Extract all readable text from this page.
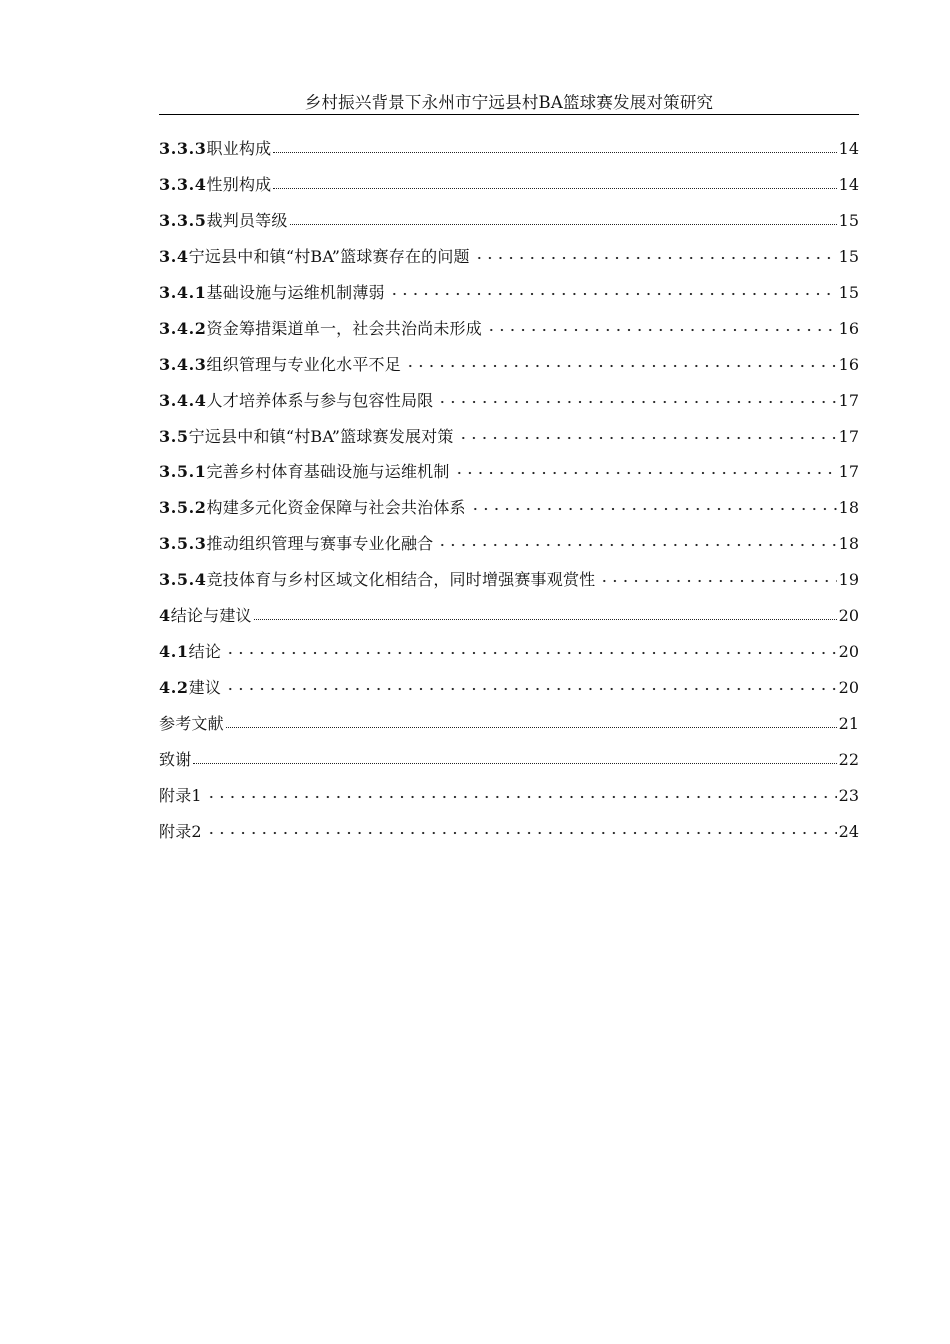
乡村振兴背景下永州市宁远县村BA篮球赛发展对策研究
3.3.3 职业构成	14
3.3.4 性别构成	14
3.3.5 裁判员等级	15
3.4 宁远县中和镇“村BA”篮球赛存在的问题	15
3.4.1 基础设施与运维机制薄弱	15
3.4.2 资金筹措渠道单一，社会共治尚未形成	16
3.4.3 组织管理与专业化水平不足	16
3.4.4 人才培养体系与参与包容性局限	17
3.5 宁远县中和镇“村BA”篮球赛发展对策	17
3.5.1 完善乡村体育基础设施与运维机制	17
3.5.2 构建多元化资金保障与社会共治体系	18
3.5.3 推动组织管理与赛事专业化融合	18
3.5.4 竞技体育与乡村区域文化相结合，同时增强赛事观赏性	19
4 结论与建议	20
4.1 结论	20
4.2 建议	20
参考文献	21
致谢	22
附录1	23
附录2	24
